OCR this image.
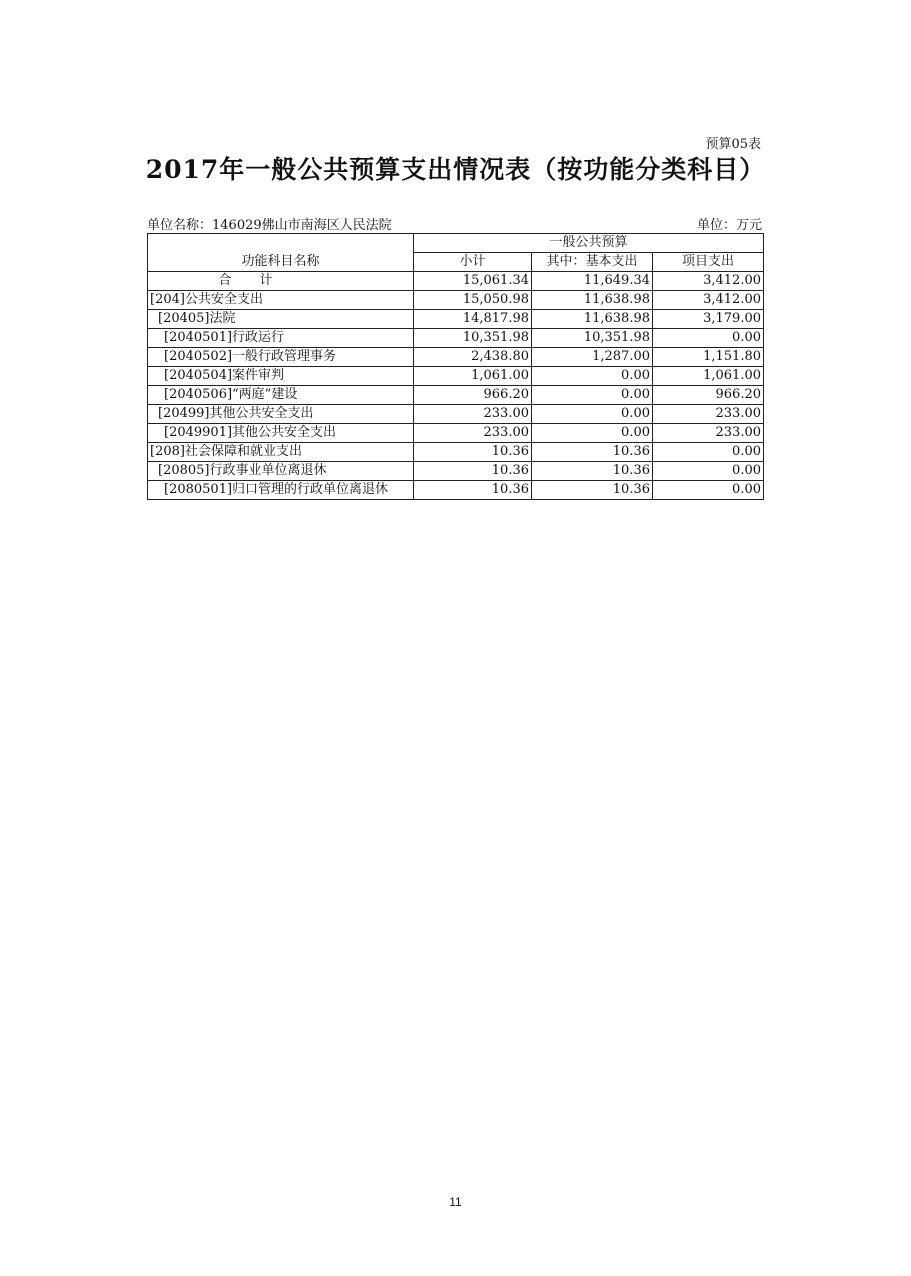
预算05表
2017年一般公共预算支出情况表（按功能分类科目）
单位名称：146029佛山市南海区人民法院	单位：万元
功能科目名称	一般公共预算		
	小计	其中：基本支出	项目支出
合 计	15,061.34	11,649.34	3,412.00
[204]公共安全支出	15,050.98	11,638.98	3,412.00
[20405]法院	14,817.98	11,638.98	3,179.00
[2040501]行政运行	10,351.98	10,351.98	0.00
[2040502]一般行政管理事务	2,438.80	1,287.00	1,151.80
[2040504]案件审判	1,061.00	0.00	1,061.00
[2040506]“两庭”建设	966.20	0.00	966.20
[20499]其他公共安全支出	233.00	0.00	233.00
[2049901]其他公共安全支出	233.00	0.00	233.00
[208]社会保障和就业支出	10.36	10.36	0.00
[20805]行政事业单位离退休	10.36	10.36	0.00
[2080501]归口管理的行政单位离退休	10.36	10.36	0.00
11
